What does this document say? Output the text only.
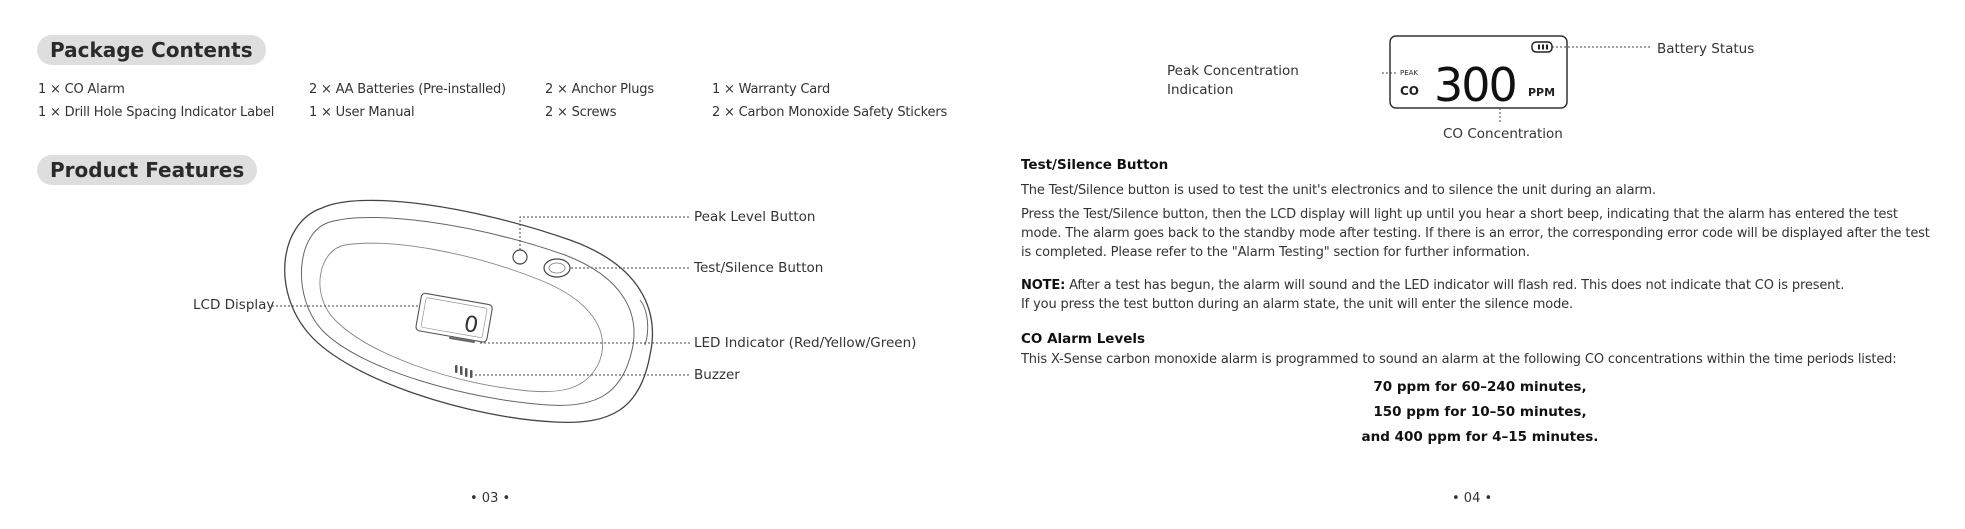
Package Contents
1 × CO Alarm	2 × AA Batteries (Pre-installed)	2 × Anchor Plugs	1 × Warranty Card
1 × Drill Hole Spacing Indicator Label	1 × User Manual	2 × Screws	2 × Carbon Monoxide Safety Stickers
Product Features
0
Peak Level Button
Test/Silence Button
LCD Display
LED Indicator (Red/Yellow/Green)
Buzzer
• 03 •
PEAK
CO 300 PPM
Battery Status
Peak Concentration
Indication
CO Concentration
Test/Silence Button
The Test/Silence button is used to test the unit's electronics and to silence the unit during an alarm.
Press the Test/Silence button, then the LCD display will light up until you hear a short beep, indicating that the alarm has entered the test mode. The alarm goes back to the standby mode after testing. If there is an error, the corresponding error code will be displayed after the test is completed. Please refer to the "Alarm Testing" section for further information.
NOTE: After a test has begun, the alarm will sound and the LED indicator will flash red. This does not indicate that CO is present.
If you press the test button during an alarm state, the unit will enter the silence mode.
CO Alarm Levels
This X-Sense carbon monoxide alarm is programmed to sound an alarm at the following CO concentrations within the time periods listed:
70 ppm for 60–240 minutes,
150 ppm for 10–50 minutes,
and 400 ppm for 4–15 minutes.
• 04 •
